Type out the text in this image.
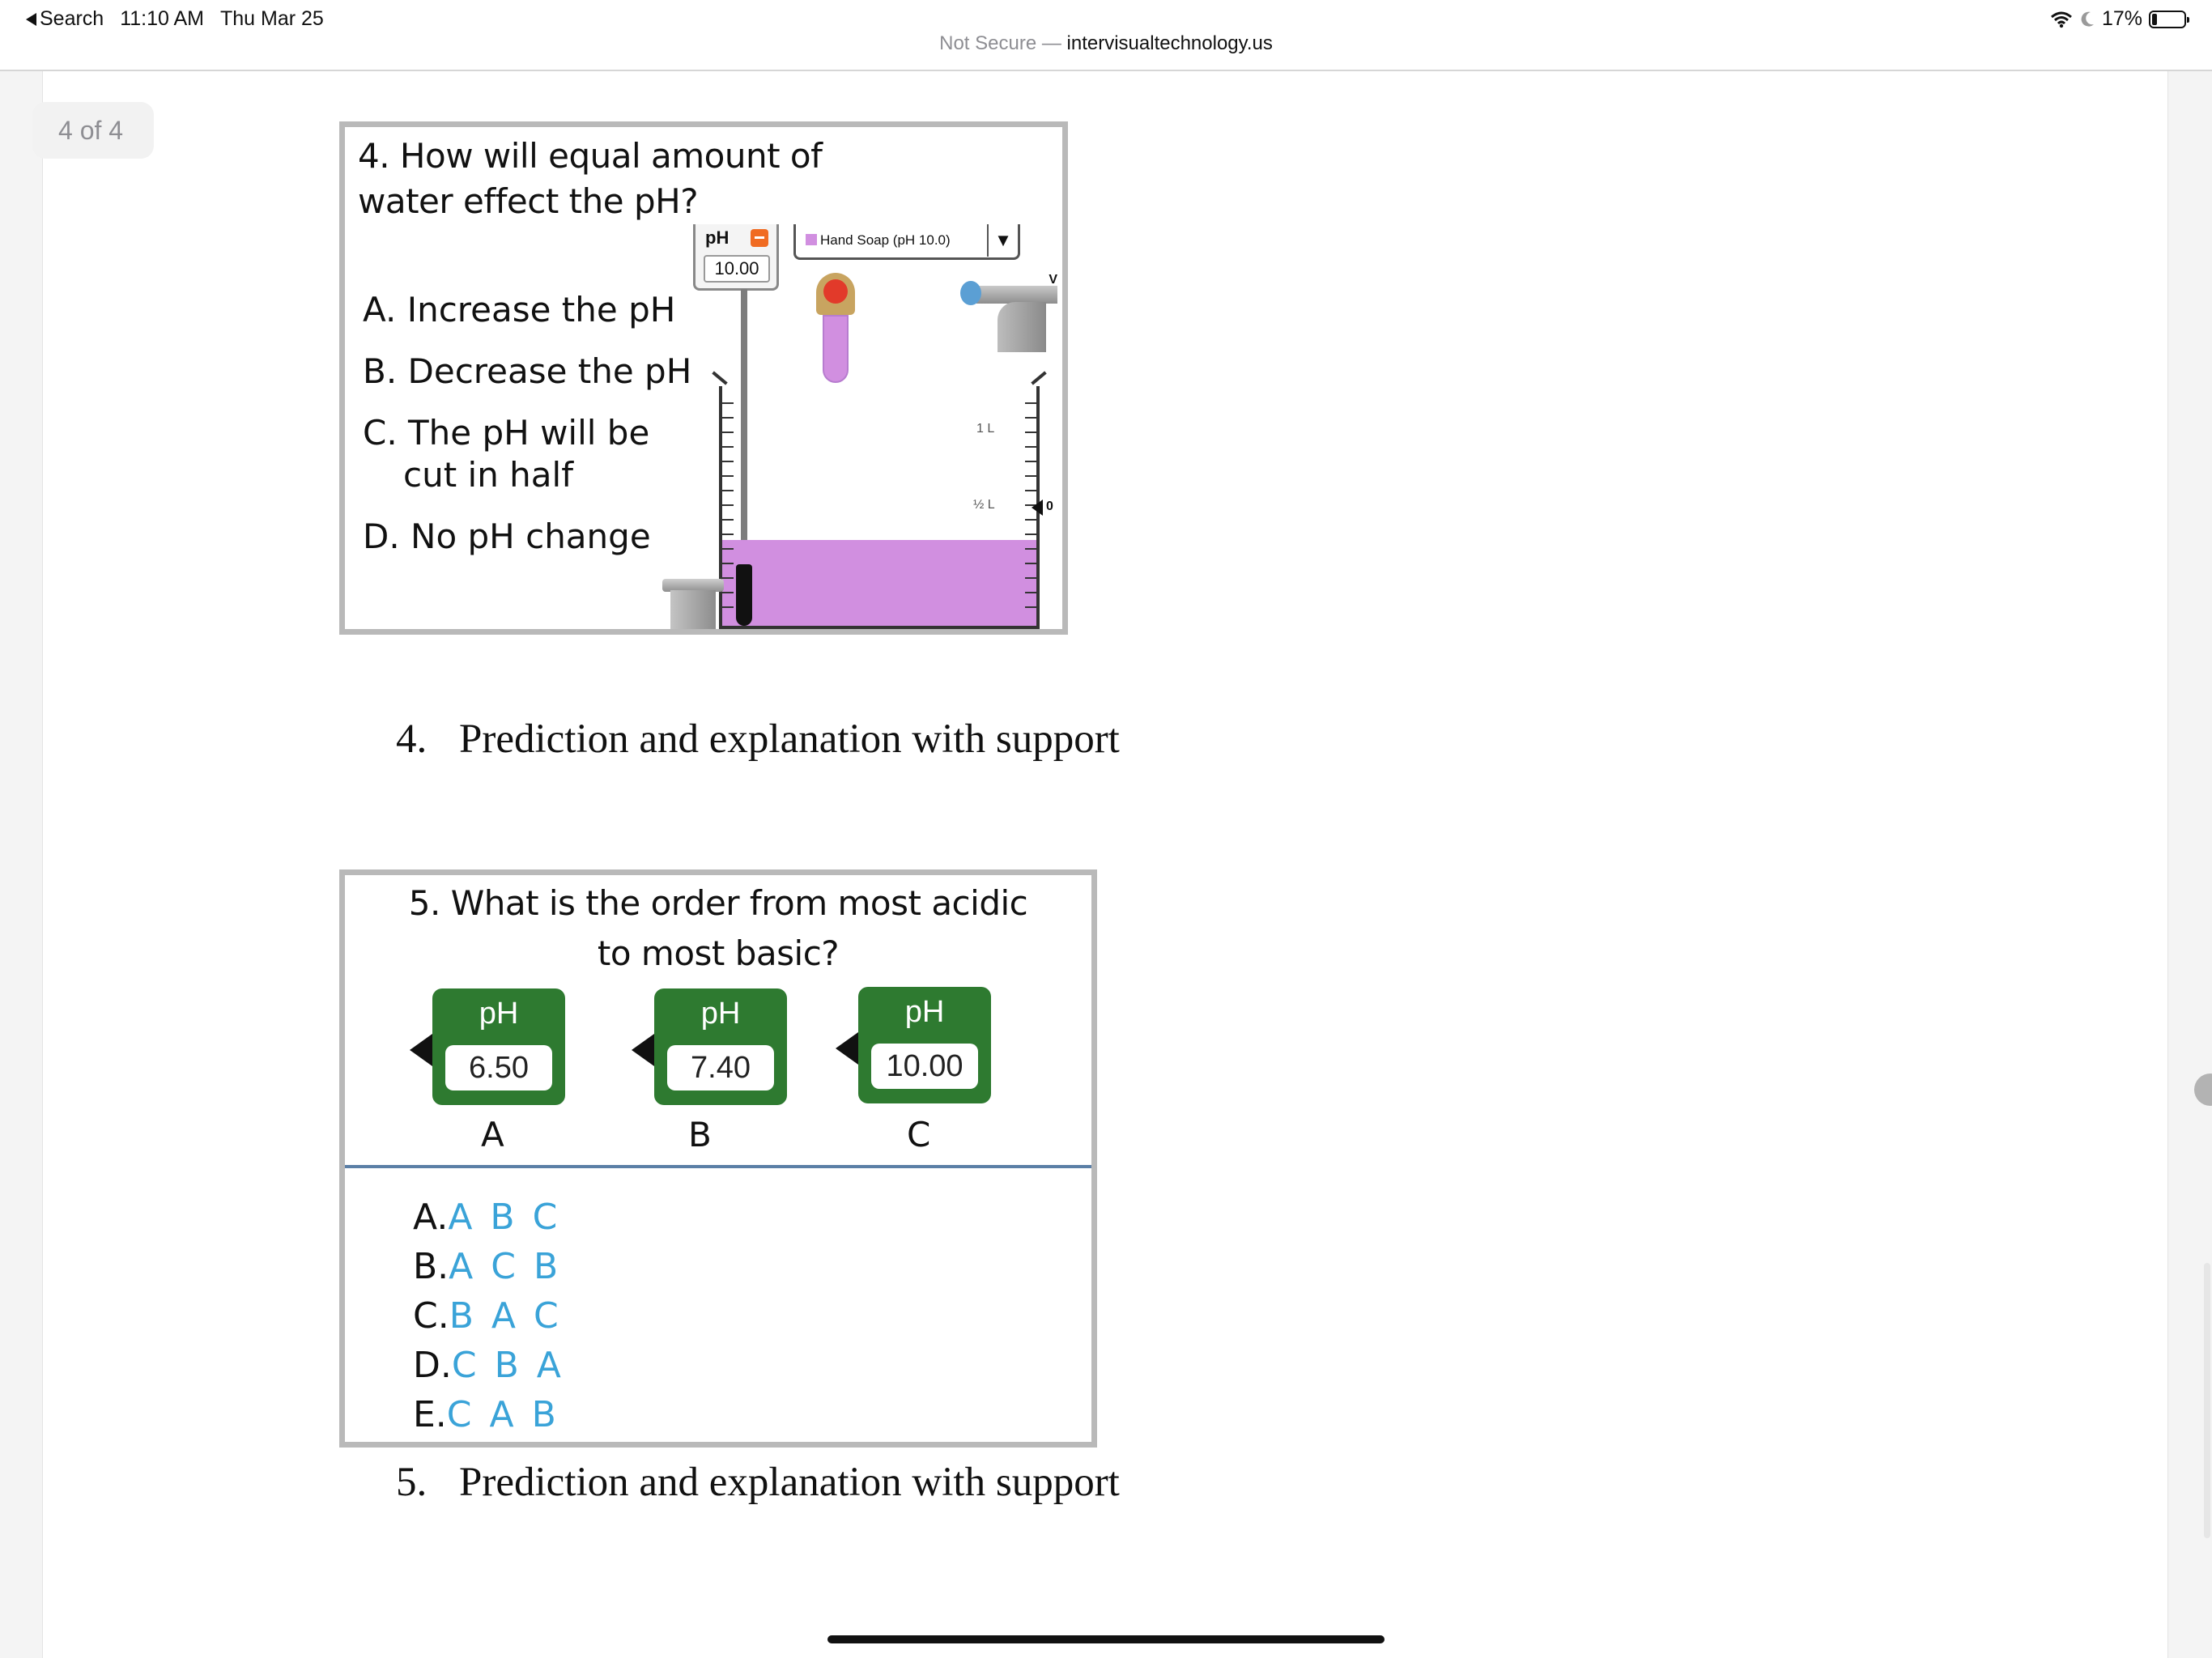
Search 11:10 AM Thu Mar 25	17%
Not Secure — intervisualtechnology.us
4. How will equal amount of water effect the pH?
A. Increase the pH
B. Decrease the pH
C. The pH will be
cut in half
D. No pH change
pH
10.00
Hand Soap (pH 10.0)	▼
V
1 L
½ L	0
4. Prediction and explanation with support
5. What is the order from most acidic
to most basic?
pH
6.50
pH
7.40
pH
10.00
A	B	C
A.A B C
B.A C B
C.B A C
D.C B A
E.C A B
5. Prediction and explanation with support
4 of 4
